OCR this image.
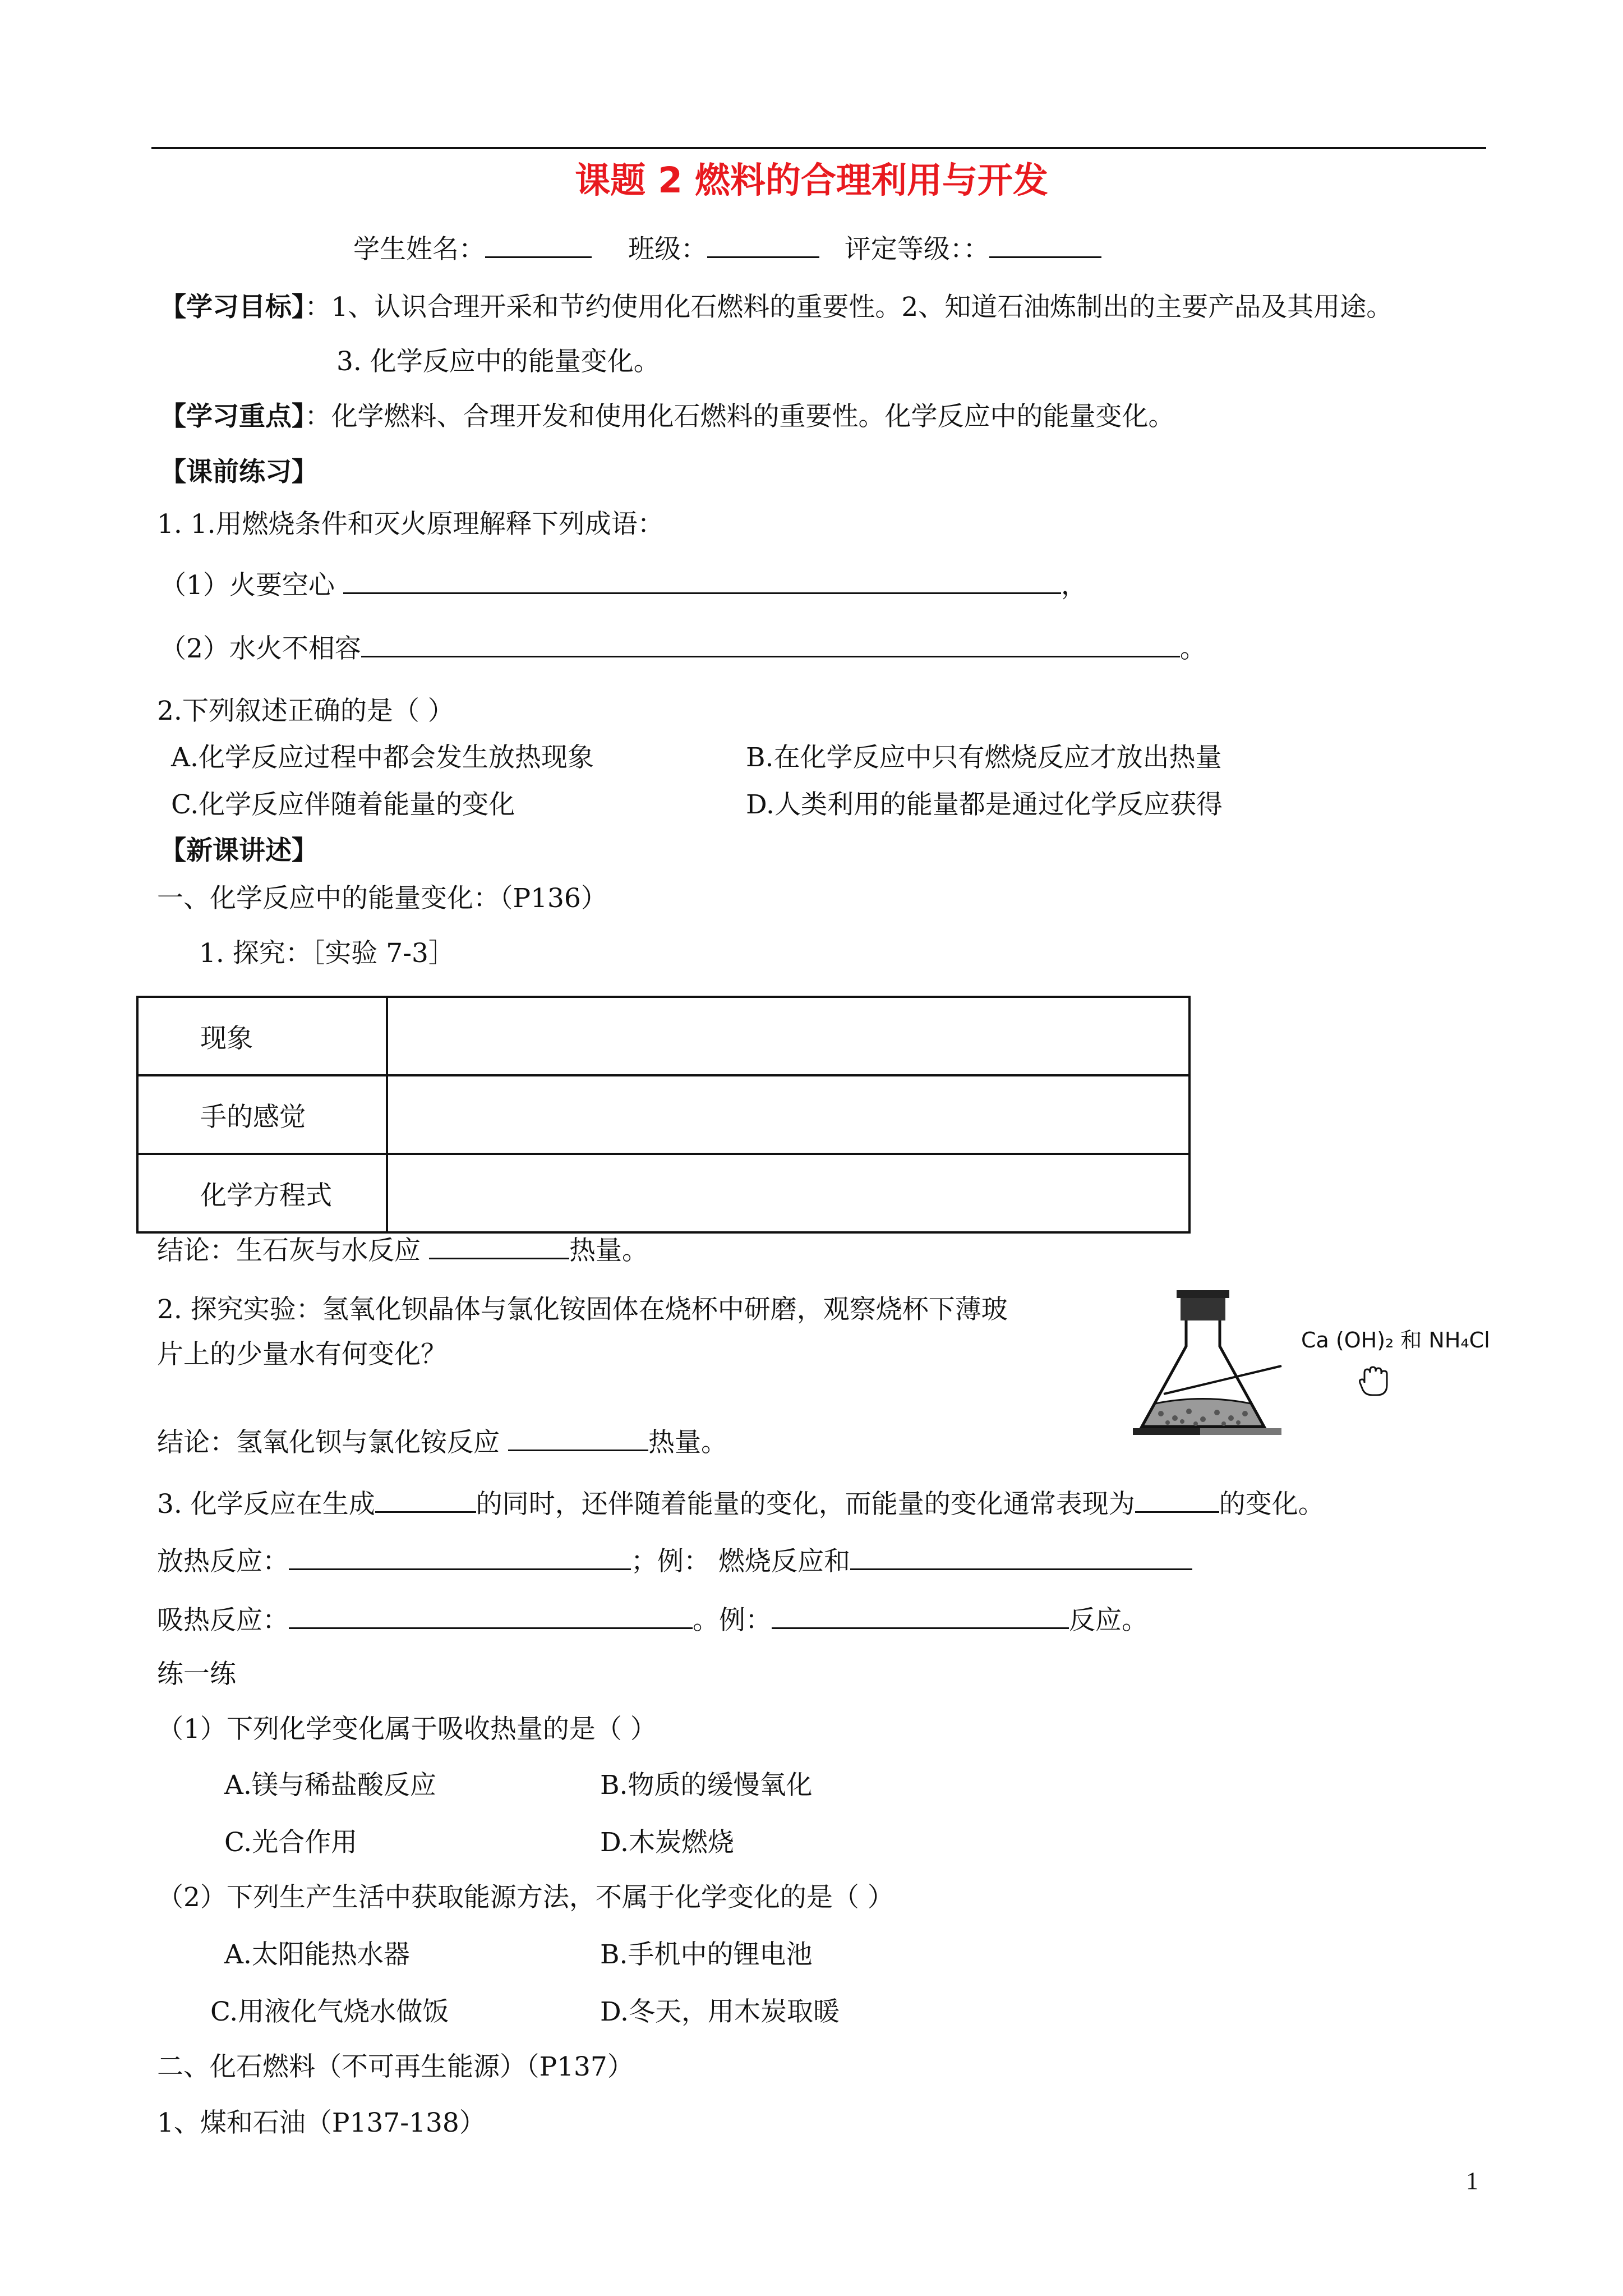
课题 2 燃料的合理利用与开发
学生姓名：	班级：	评定等级：：
【学习目标】：1、认识合理开采和节约使用化石燃料的重要性。2、知道石油炼制出的主要产品及其用途。
3. 化学反应中的能量变化。
【学习重点】：化学燃料、合理开发和使用化石燃料的重要性。化学反应中的能量变化。
【课前练习】
1. 1.用燃烧条件和灭火原理解释下列成语：
（1）火要空心	，
（2）水火不相容	。
2.下列叙述正确的是（ ）
A.化学反应过程中都会发生放热现象	B.在化学反应中只有燃烧反应才放出热量
C.化学反应伴随着能量的变化	D.人类利用的能量都是通过化学反应获得
【新课讲述】
一、化学反应中的能量变化：（P136）
1. 探究：［实验 7-3］
现象	
手的感觉	
化学方程式	
结论：生石灰与水反应	热量。
2. 探究实验：氢氧化钡晶体与氯化铵固体在烧杯中研磨，观察烧杯下薄玻
片上的少量水有何变化？	Ca (OH)₂ 和 NH₄Cl
结论：氢氧化钡与氯化铵反应	热量。
3. 化学反应在生成	的同时，还伴随着能量的变化，而能量的变化通常表现为	的变化。
放热反应：	；例： 燃烧反应和
吸热反应：	。例：	反应。
练一练
（1）下列化学变化属于吸收热量的是（ ）
A.镁与稀盐酸反应	B.物质的缓慢氧化
C.光合作用	D.木炭燃烧
（2）下列生产生活中获取能源方法，不属于化学变化的是（ ）
A.太阳能热水器	B.手机中的锂电池
C.用液化气烧水做饭	D.冬天，用木炭取暖
二、化石燃料（不可再生能源）（P137）
1、煤和石油（P137-138）
1
